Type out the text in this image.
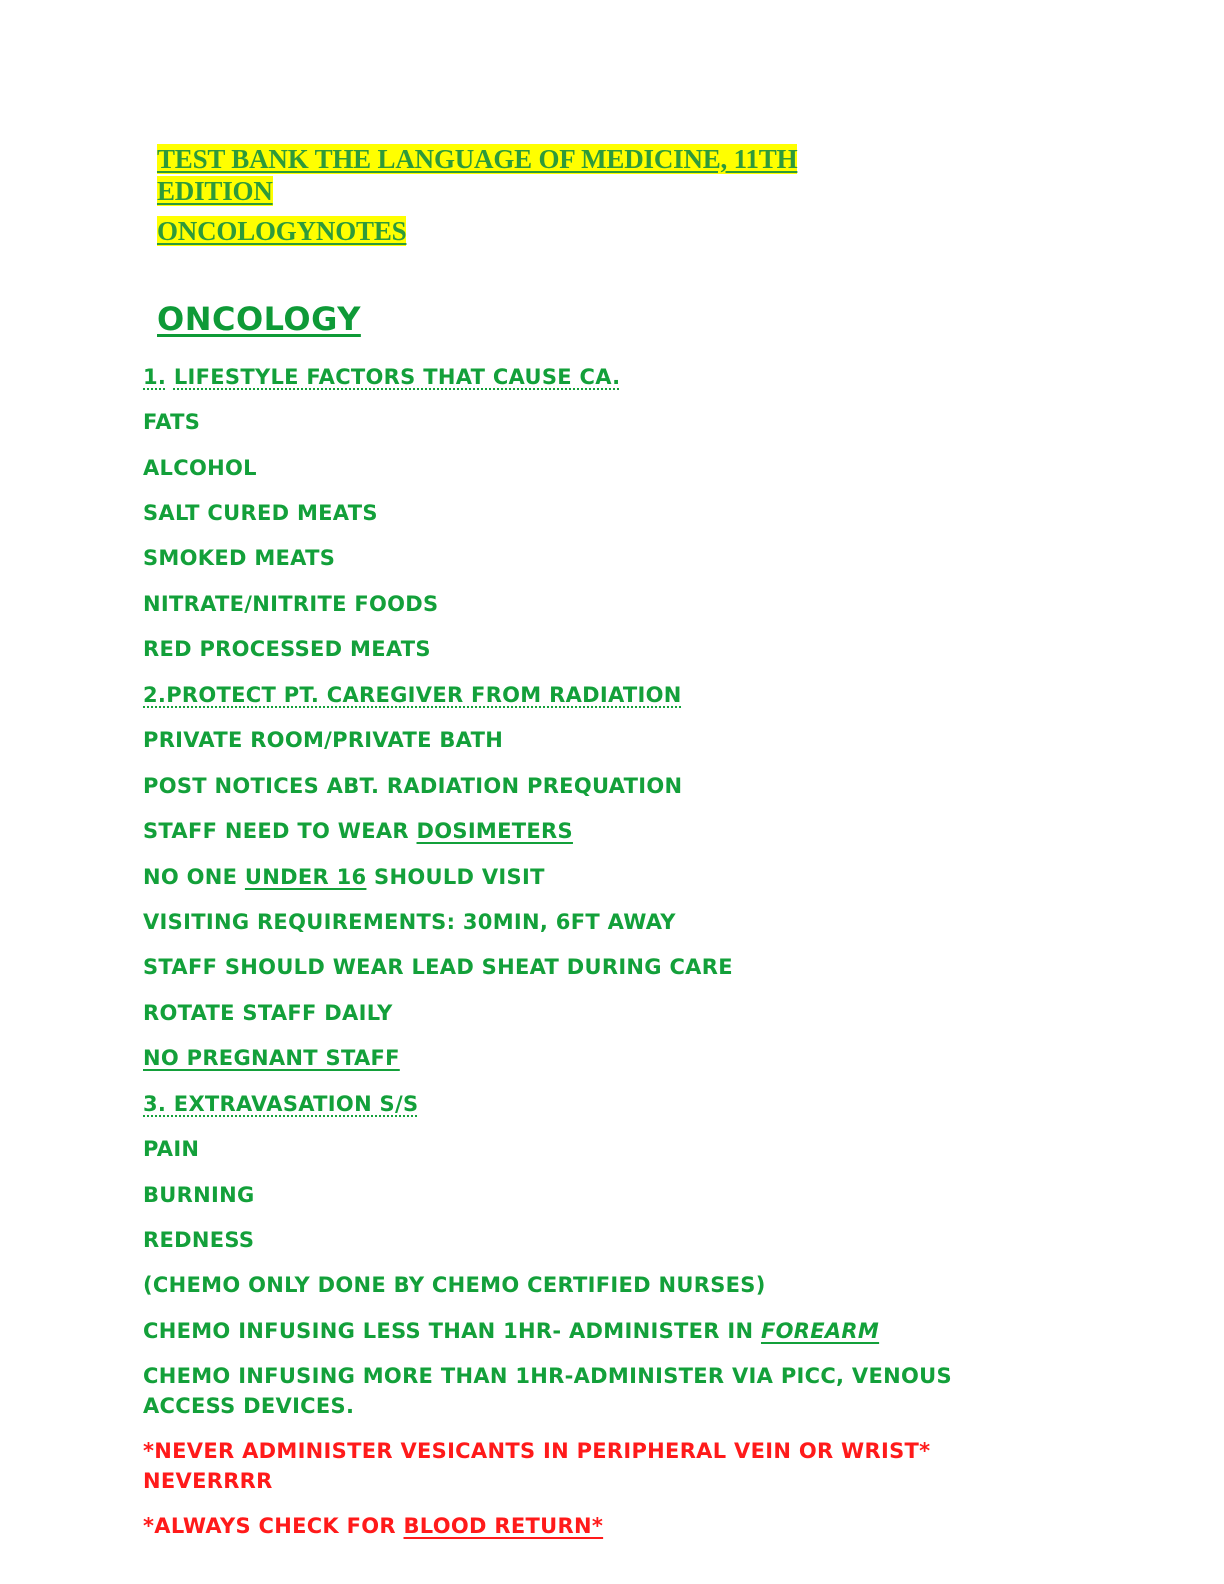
TEST BANK THE LANGUAGE OF MEDICINE, 11TH
EDITION
ONCOLOGYNOTES
ONCOLOGY
1. LIFESTYLE FACTORS THAT CAUSE CA.
FATS
ALCOHOL
SALT CURED MEATS
SMOKED MEATS
NITRATE/NITRITE FOODS
RED PROCESSED MEATS
2.PROTECT PT. CAREGIVER FROM RADIATION
PRIVATE ROOM/PRIVATE BATH
POST NOTICES ABT. RADIATION PREQUATION
STAFF NEED TO WEAR DOSIMETERS
NO ONE UNDER 16 SHOULD VISIT
VISITING REQUIREMENTS: 30MIN, 6FT AWAY
STAFF SHOULD WEAR LEAD SHEAT DURING CARE
ROTATE STAFF DAILY
NO PREGNANT STAFF
3. EXTRAVASATION S/S
PAIN
BURNING
REDNESS
(CHEMO ONLY DONE BY CHEMO CERTIFIED NURSES)
CHEMO INFUSING LESS THAN 1HR- ADMINISTER IN FOREARM
CHEMO INFUSING MORE THAN 1HR-ADMINISTER VIA PICC, VENOUS ACCESS DEVICES.
*NEVER ADMINISTER VESICANTS IN PERIPHERAL VEIN OR WRIST* NEVERRRR
*ALWAYS CHECK FOR BLOOD RETURN*
